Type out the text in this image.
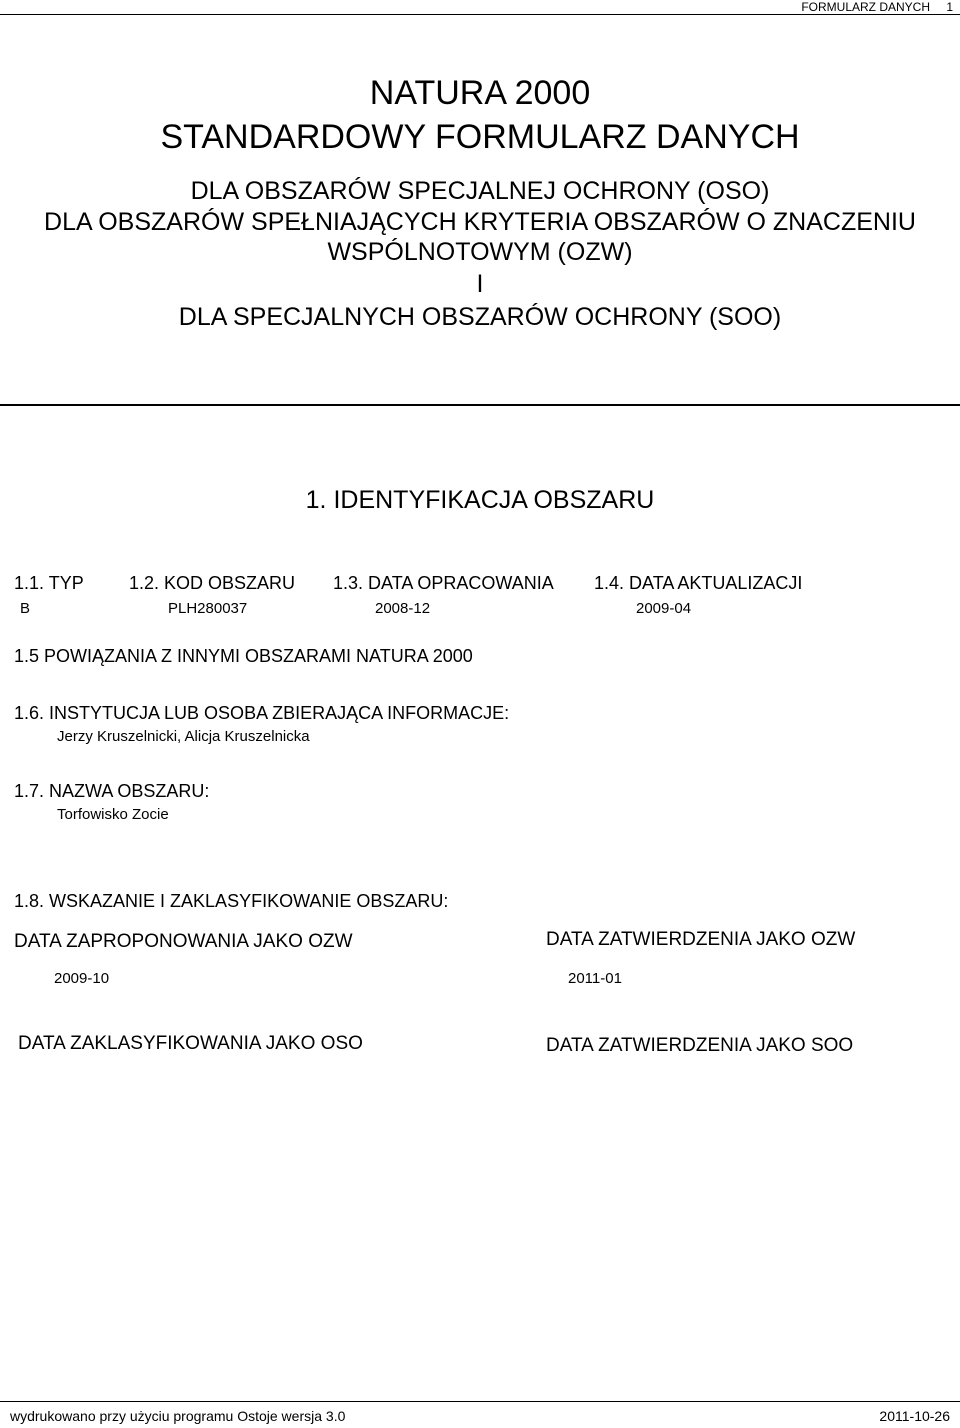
FORMULARZ DANYCH 1
NATURA 2000
STANDARDOWY FORMULARZ DANYCH
DLA OBSZARÓW SPECJALNEJ OCHRONY (OSO)
DLA OBSZARÓW SPEŁNIAJĄCYCH KRYTERIA OBSZARÓW O ZNACZENIU
WSPÓLNOTOWYM (OZW)
I
DLA SPECJALNYCH OBSZARÓW OCHRONY (SOO)
1. IDENTYFIKACJA OBSZARU
1.1. TYP	1.2. KOD OBSZARU 1.3. DATA OPRACOWANIA 1.4. DATA AKTUALIZACJI
B	PLH280037	2008-12	2009-04
1.5 POWIĄZANIA Z INNYMI OBSZARAMI NATURA 2000
1.6. INSTYTUCJA LUB OSOBA ZBIERAJĄCA INFORMACJE:
Jerzy Kruszelnicki, Alicja Kruszelnicka
1.7. NAZWA OBSZARU:
Torfowisko Zocie
1.8. WSKAZANIE I ZAKLASYFIKOWANIE OBSZARU:
DATA ZAPROPONOWANIA JAKO OZW	DATA ZATWIERDZENIA JAKO OZW
2009-10	2011-01
DATA ZAKLASYFIKOWANIA JAKO OSO	DATA ZATWIERDZENIA JAKO SOO
wydrukowano przy użyciu programu Ostoje wersja 3.0	2011-10-26
